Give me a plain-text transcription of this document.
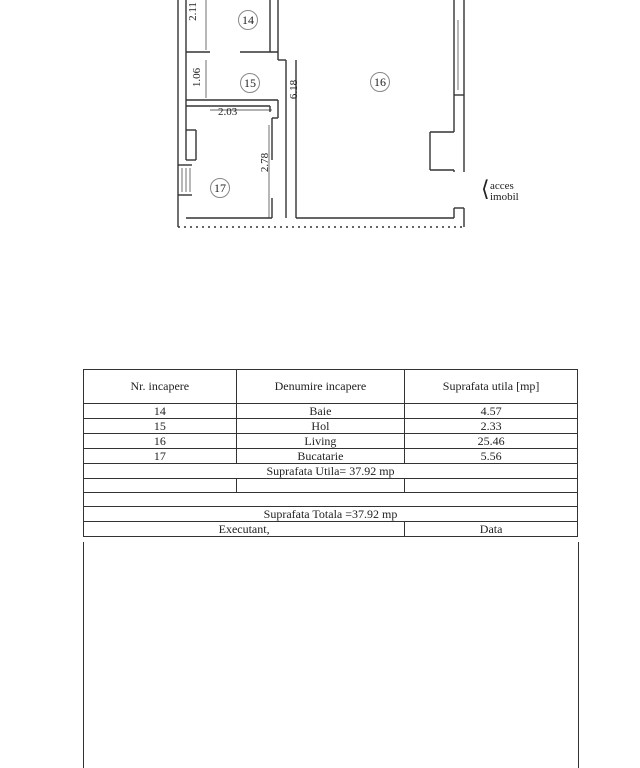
14
15	16
17
2.11
1.06
6.18
2.03
2.78
⟨ acces
imobil
Nr. incapere	Denumire incapere	Suprafata utila [mp]
14	Baie	4.57
15	Hol	2.33
16	Living	25.46
17	Bucatarie	5.56
Suprafata Utila= 37.92 mp		

Suprafata Totala =37.92 mp		
Executant,		Data
